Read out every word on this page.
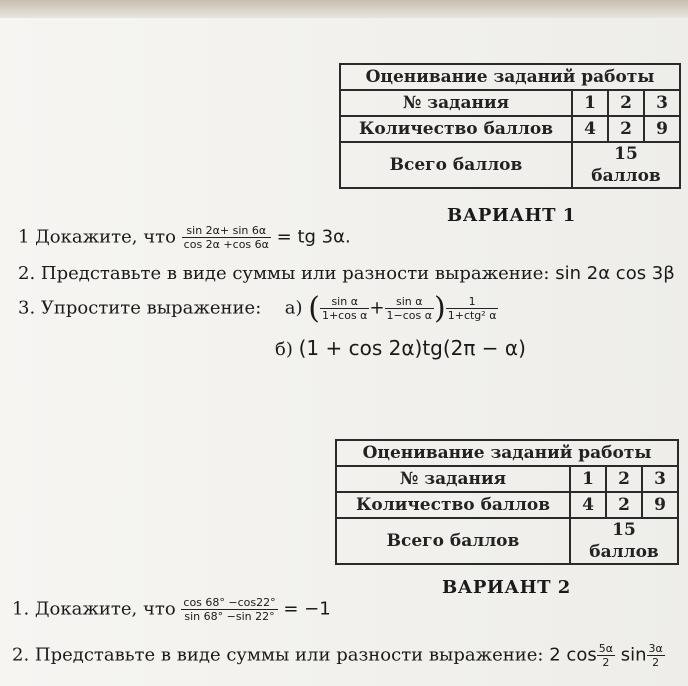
Оценивание заданий работы			
№ задания	1	2	3
Количество баллов	4	2	9
Всего баллов	15 баллов		
ВАРИАНТ 1
1 Докажите, что $\frac{\sin 2\alpha+ \sin 6\alpha}{\cos 2\alpha +\cos 6\alpha}$ = tg 3α.
2. Представьте в виде суммы или разности выражение: sin 2α cos 3β
3. Упростите выражение: а) ( $\frac{\text{sin α}}{\text{1+cos α}} + \frac{\text{sin α}}{\text{1−cos α}}$ ) $\frac{1}{\text{1+ctg² α}}$
б) (1 + cos 2α)tg(2π − α)
Оценивание заданий работы			
№ задания	1	2	3
Количество баллов	4	2	9
Всего баллов	15 баллов		
ВАРИАНТ 2
1. Докажите, что $\frac{\cos 68^\circ -\cos 22^\circ}{\sin 68^\circ -\sin 22^\circ} = -1$
2. Представьте в виде суммы или разности выражение: 2 $\cos \frac{5\alpha}{2}$ $\sin \frac{3\alpha}{2}$
